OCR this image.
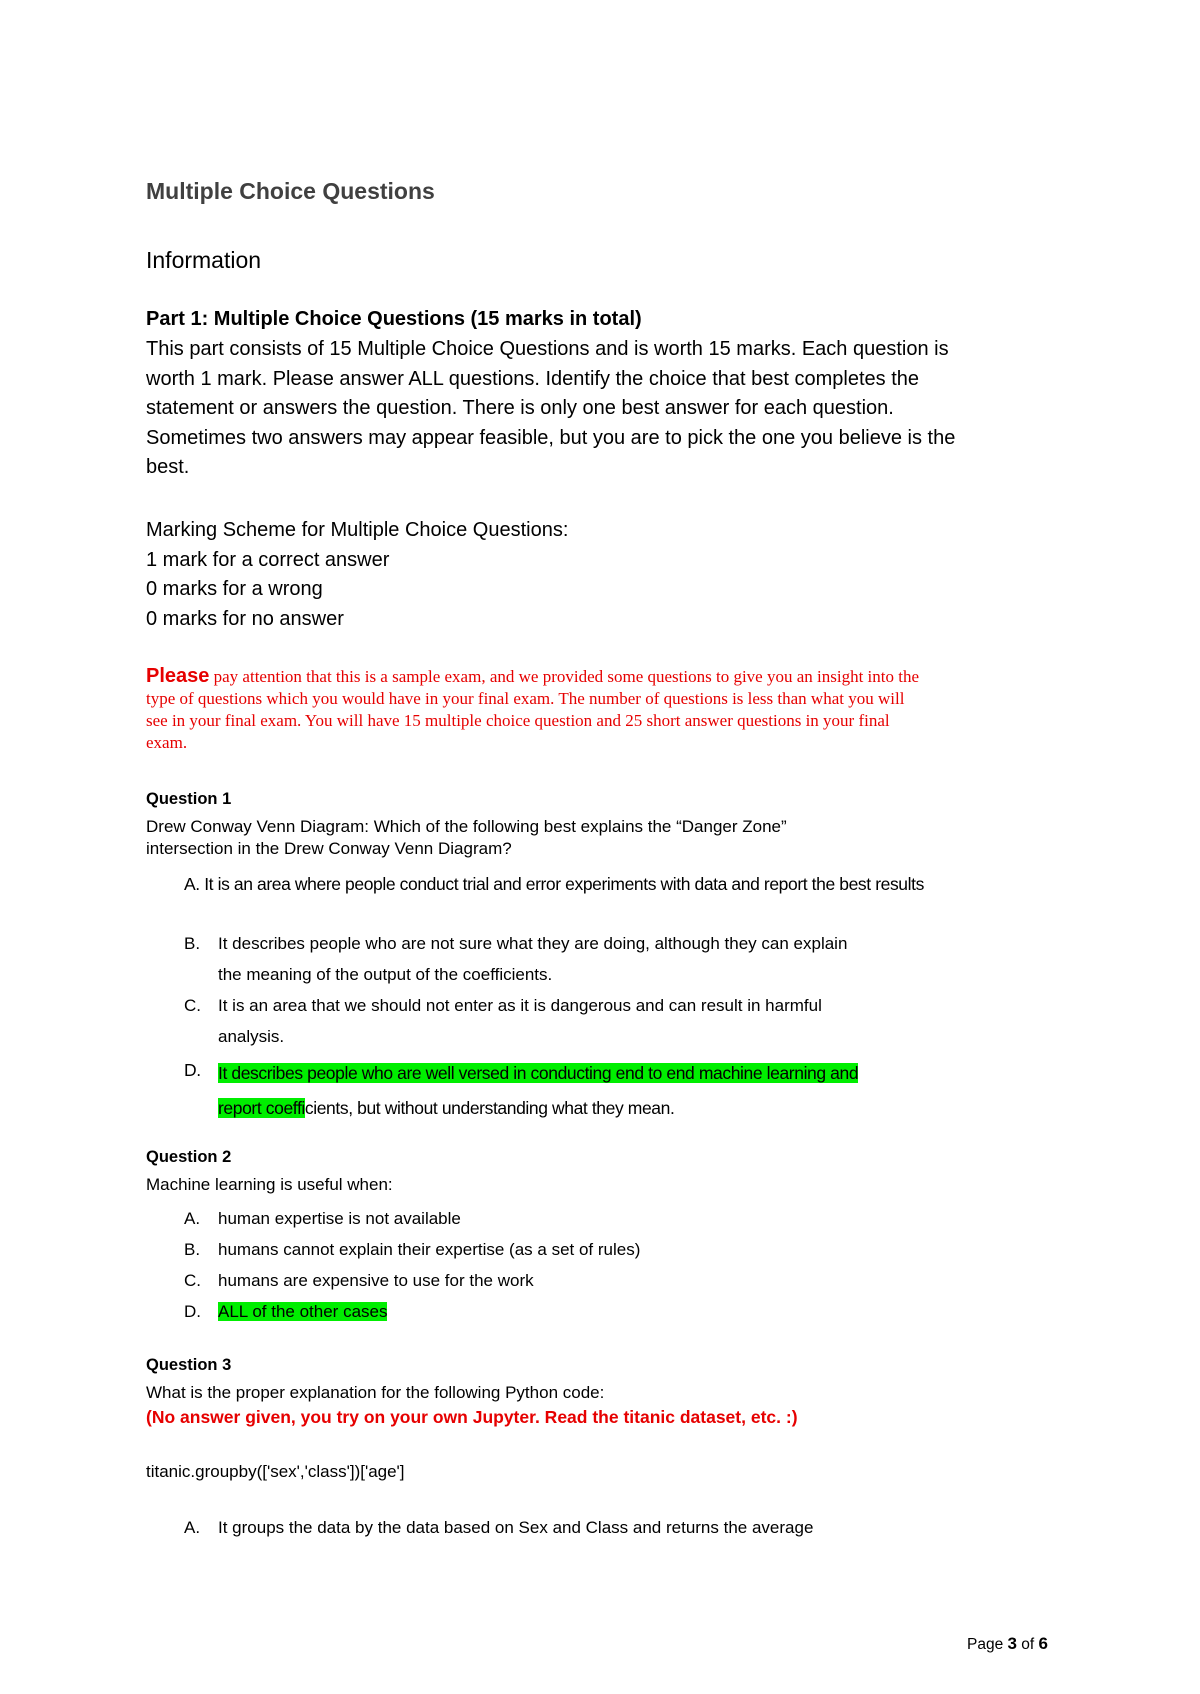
Multiple Choice Questions
Information
Part 1: Multiple Choice Questions (15 marks in total)
This part consists of 15 Multiple Choice Questions and is worth 15 marks. Each question is
worth 1 mark. Please answer ALL questions. Identify the choice that best completes the
statement or answers the question. There is only one best answer for each question.
Sometimes two answers may appear feasible, but you are to pick the one you believe is the
best.
Marking Scheme for Multiple Choice Questions:
1 mark for a correct answer
0 marks for a wrong
0 marks for no answer
Please pay attention that this is a sample exam, and we provided some questions to give you an insight into the
type of questions which you would have in your final exam. The number of questions is less than what you will
see in your final exam. You will have 15 multiple choice question and 25 short answer questions in your final
exam.
Question 1
Drew Conway Venn Diagram: Which of the following best explains the “Danger Zone”
intersection in the Drew Conway Venn Diagram?
A. It is an area where people conduct trial and error experiments with data and report the best results
B. It describes people who are not sure what they are doing, although they can explain
the meaning of the output of the coefficients.
C. It is an area that we should not enter as it is dangerous and can result in harmful
analysis.
D. It describes people who are well versed in conducting end to end machine learning and
report coefficients, but without understanding what they mean.
Question 2
Machine learning is useful when:
A.
B.
C.
D.
human expertise is not available
humans cannot explain their expertise (as a set of rules)
humans are expensive to use for the work
ALL of the other cases
Question 3
What is the proper explanation for the following Python code:
(No answer given, you try on your own Jupyter. Read the titanic dataset, etc. :)
titanic.groupby(['sex','class'])['age']
A. It groups the data by the data based on Sex and Class and returns the average
Page 3 of 6
